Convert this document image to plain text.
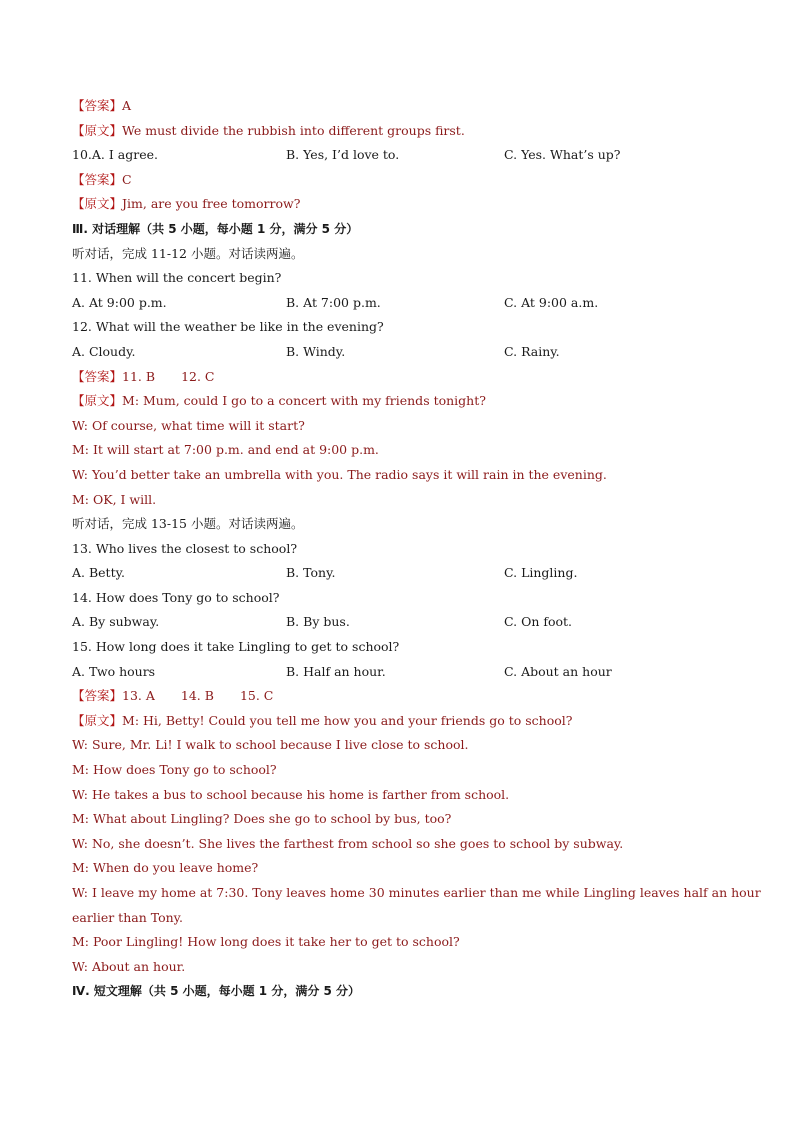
【答案】A
【原文】We must divide the rubbish into different groups first.
10.A. I agree.	B. Yes, I’d love to.	C. Yes. What’s up?
【答案】C
【原文】Jim, are you free tomorrow?
Ⅲ. 对话理解（共 5 小题，每小题 1 分，满分 5 分）
听对话，完成 11-12 小题。对话读两遍。
11. When will the concert begin?
A. At 9:00 p.m.	B. At 7:00 p.m.	C. At 9:00 a.m.
12. What will the weather be like in the evening?
A. Cloudy.	B. Windy.	C. Rainy.
【答案】11. B 12. C
【原文】M: Mum, could I go to a concert with my friends tonight?
W: Of course, what time will it start?
M: It will start at 7:00 p.m. and end at 9:00 p.m.
W: You’d better take an umbrella with you. The radio says it will rain in the evening.
M: OK, I will.
听对话，完成 13-15 小题。对话读两遍。
13. Who lives the closest to school?
A. Betty.	B. Tony.	C. Lingling.
14. How does Tony go to school?
A. By subway.	B. By bus.	C. On foot.
15. How long does it take Lingling to get to school?
A. Two hours	B. Half an hour.	C. About an hour
【答案】13. A 14. B 15. C
【原文】M: Hi, Betty! Could you tell me how you and your friends go to school?
W: Sure, Mr. Li! I walk to school because I live close to school.
M: How does Tony go to school?
W: He takes a bus to school because his home is farther from school.
M: What about Lingling? Does she go to school by bus, too?
W: No, she doesn’t. She lives the farthest from school so she goes to school by subway.
M: When do you leave home?
W: I leave my home at 7:30. Tony leaves home 30 minutes earlier than me while Lingling leaves half an hour
earlier than Tony.
M: Poor Lingling! How long does it take her to get to school?
W: About an hour.
Ⅳ. 短文理解（共 5 小题，每小题 1 分，满分 5 分）
